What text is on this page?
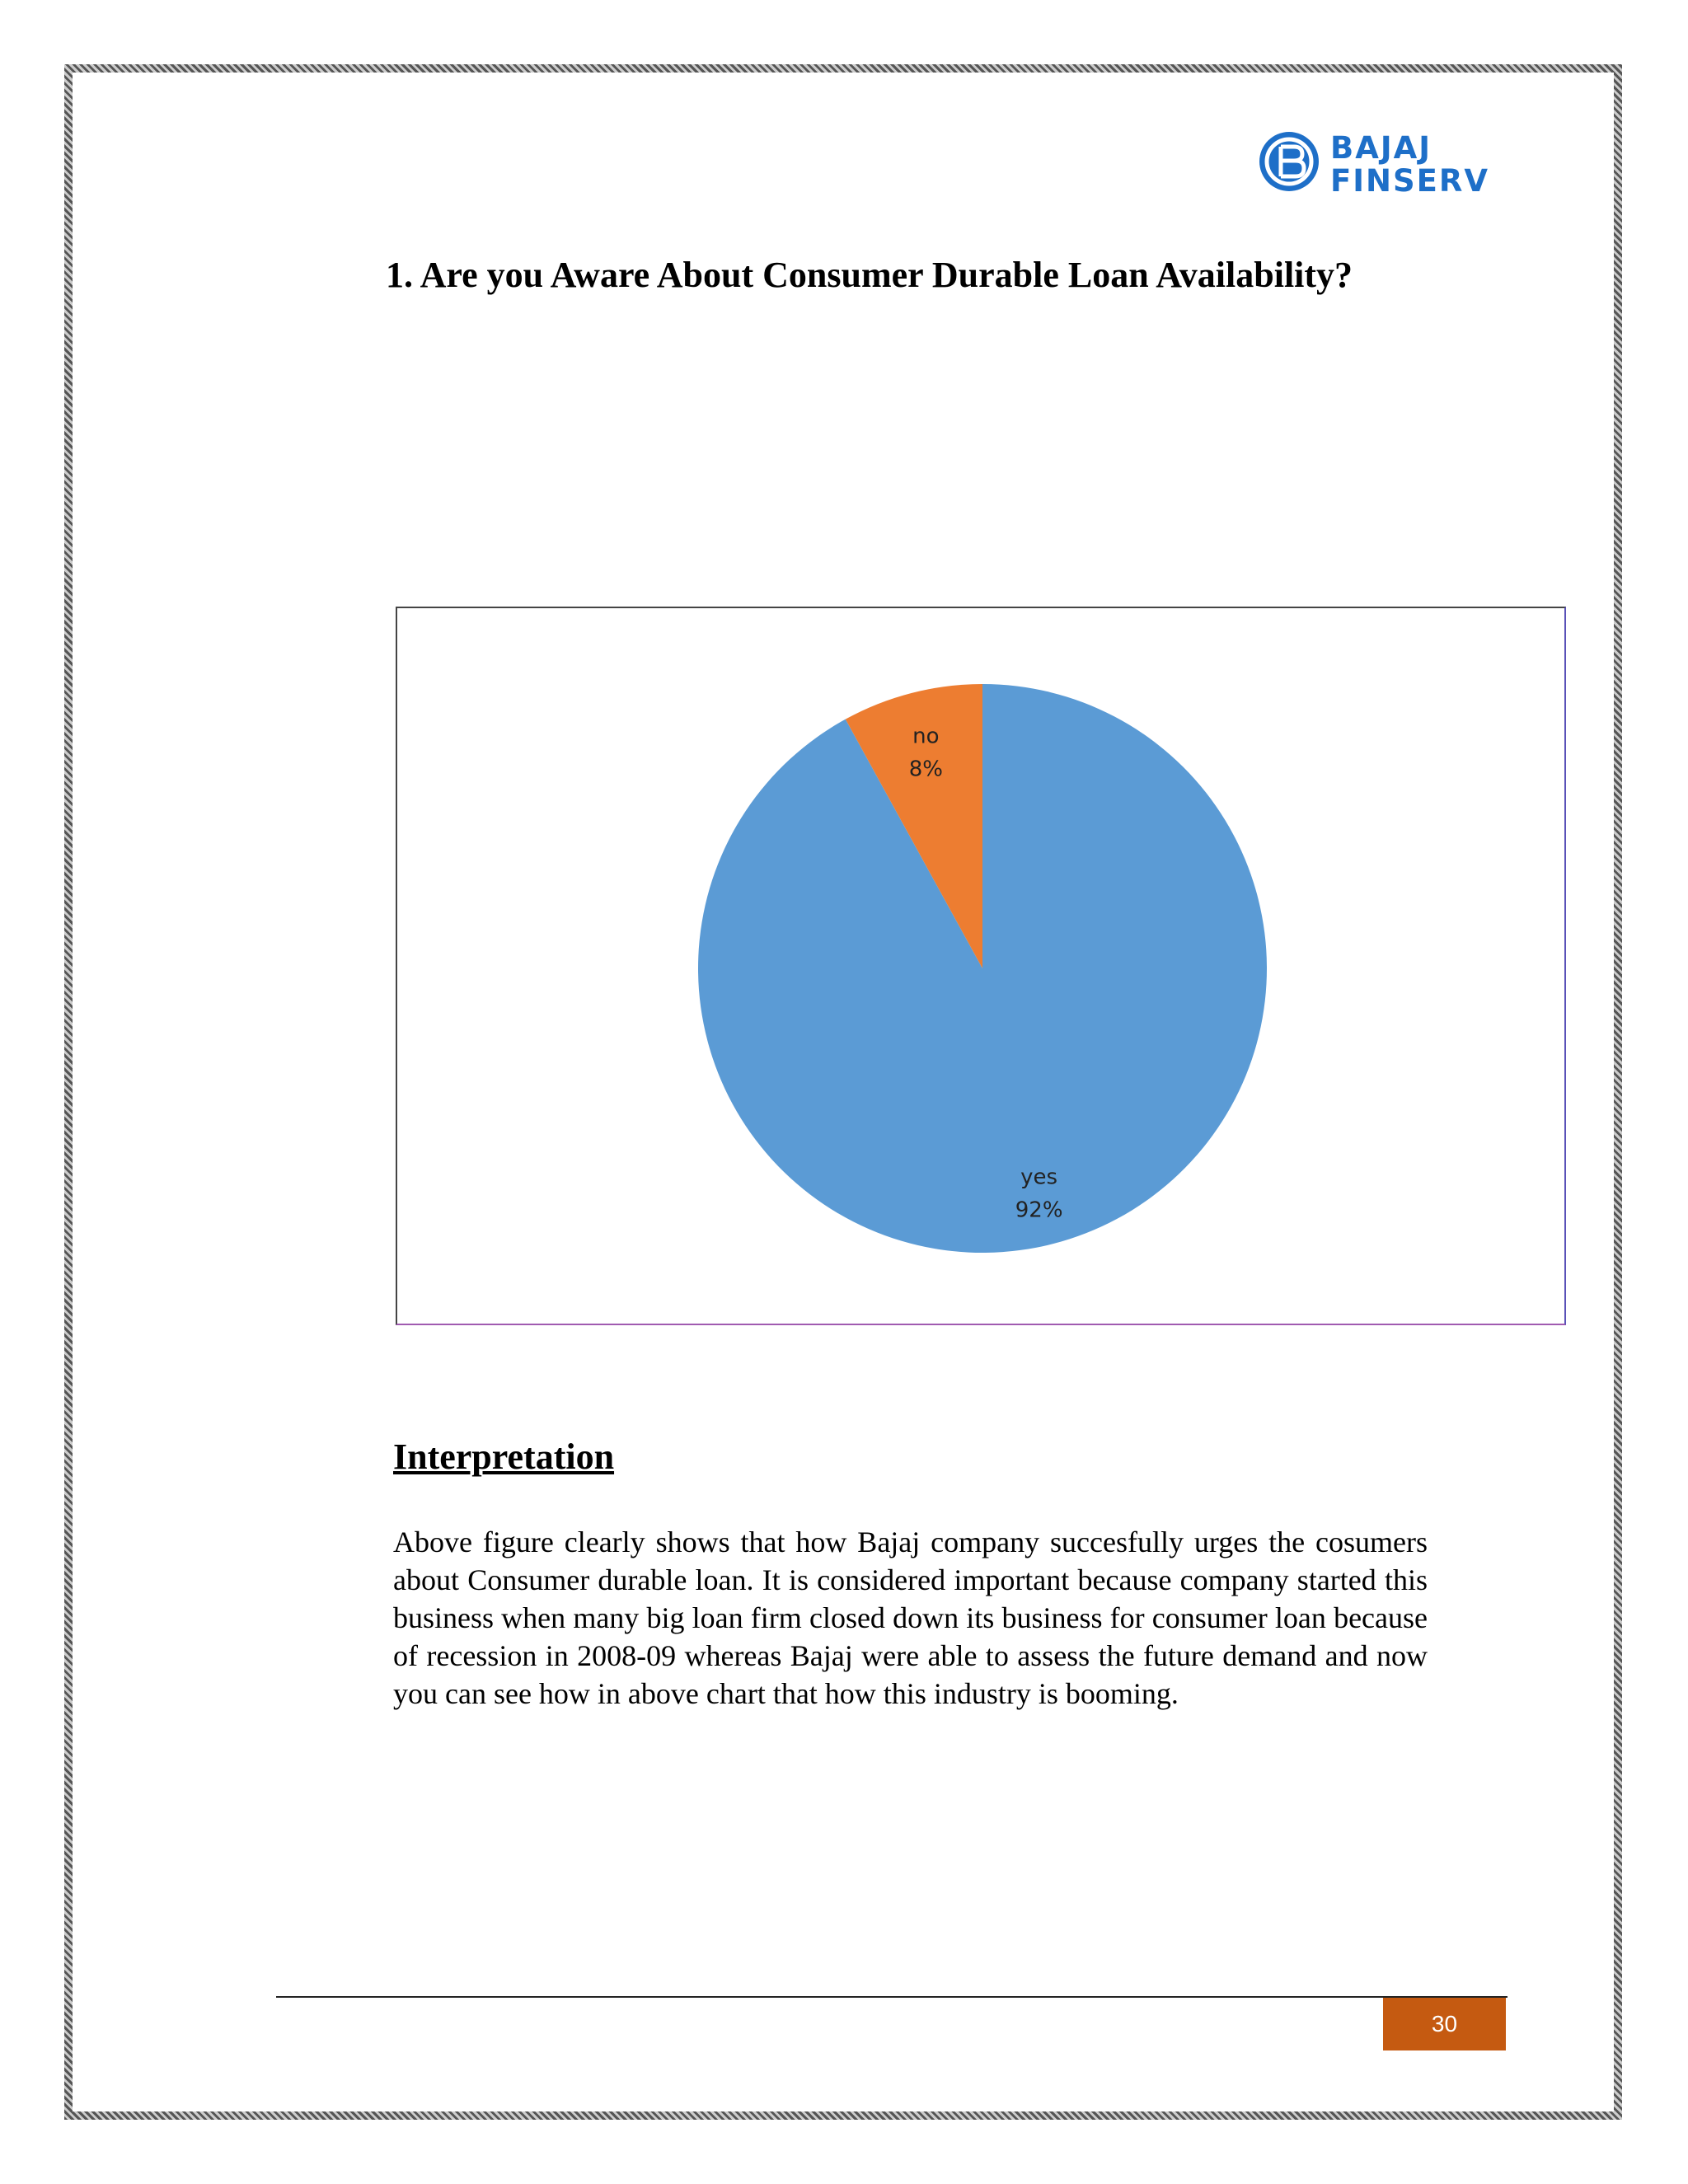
BAJAJ
FINSERV

1. Are you Aware About Consumer Durable Loan Availability?

yes
92%
no
8%
Interpretation

Above figure clearly shows that how Bajaj company succesfully urges the cosumers about Consumer durable loan. It is considered important because company started this business when many big loan firm closed down its business for consumer loan because of recession in 2008-09 whereas Bajaj were able to assess the future demand and now you can see how in above chart that how this industry is booming.

30
